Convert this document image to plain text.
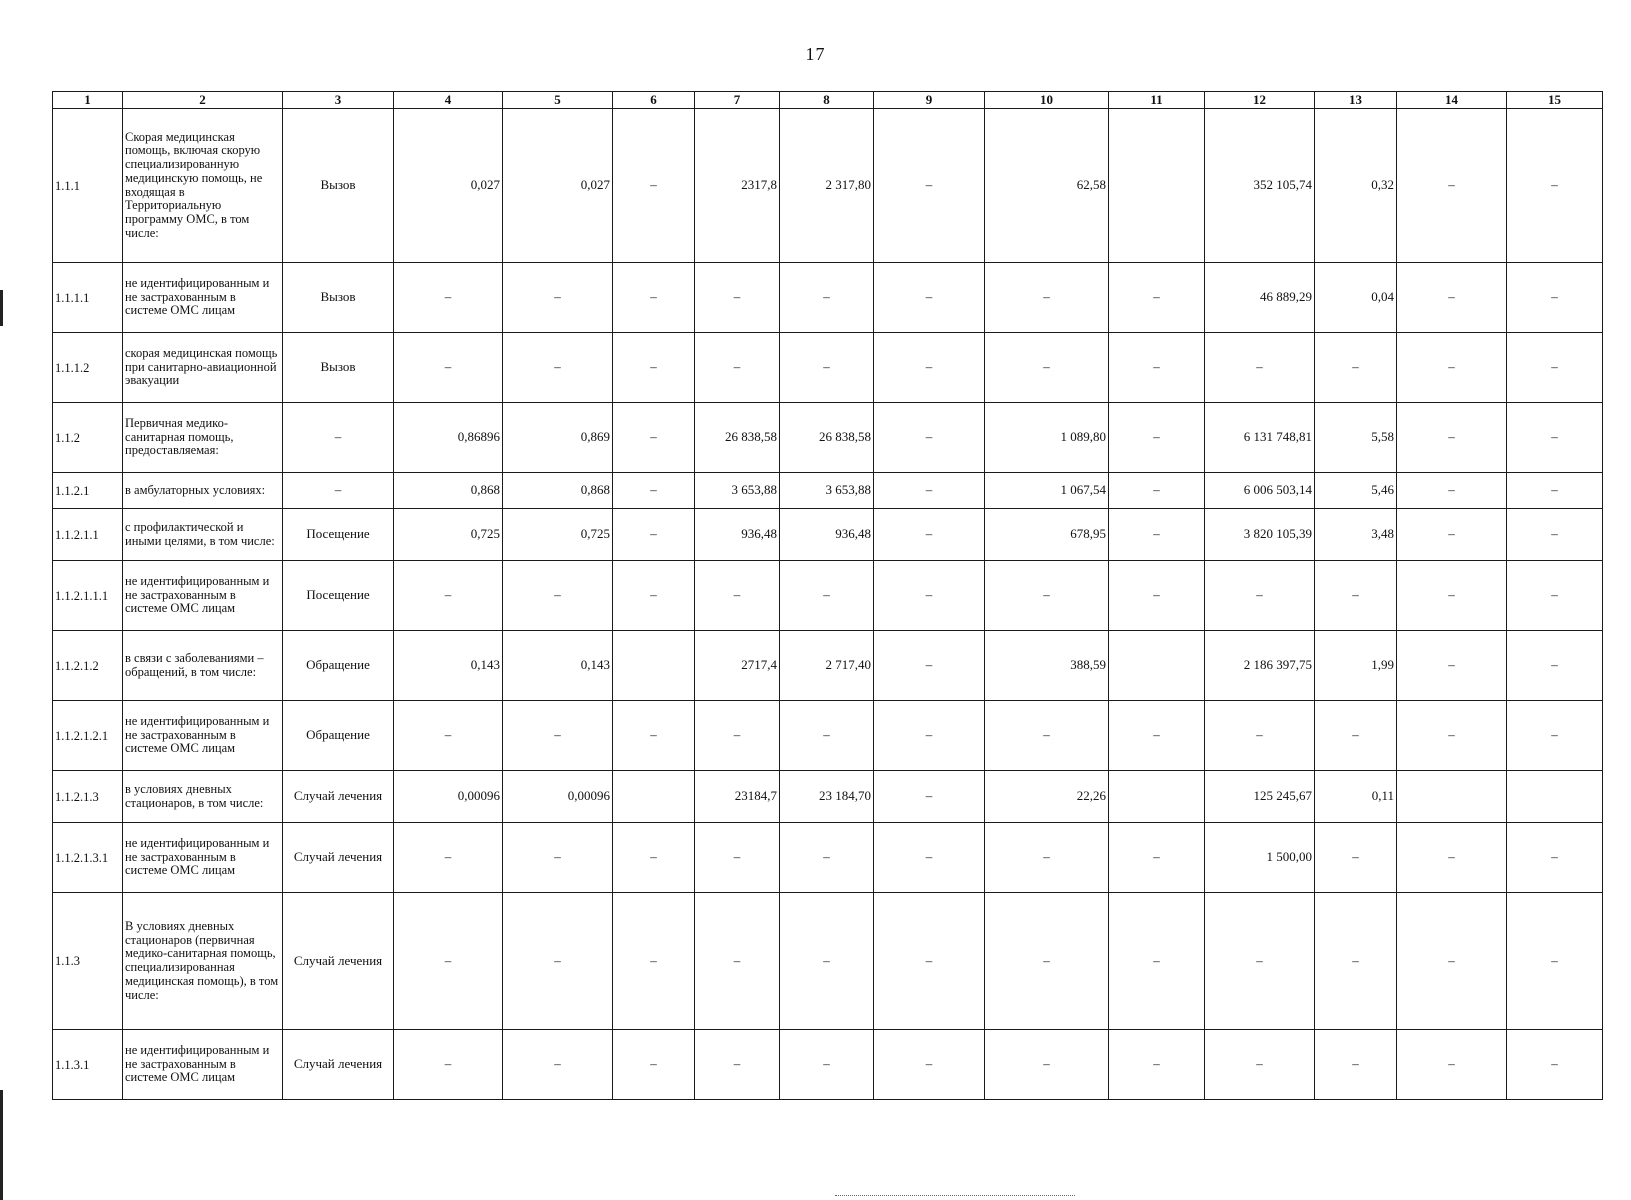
17
1	2	3	4	5	6	7	8	9	10	11	12	13	14	15
1.1.1	Скорая медицинская помощь, включая скорую специализированную медицинскую помощь, не входящая в Территориальную программу ОМС, в том числе:	Вызов	0,027	0,027	–	2317,8	2 317,80	–	62,58		352 105,74	0,32	–	–
1.1.1.1	не идентифицированным и не застрахованным в системе ОМС лицам	Вызов	–	–	–	–	–	–	–	–	46 889,29	0,04	–	–
1.1.1.2	скорая медицинская помощь при санитарно-авиационной эвакуации	Вызов	–	–	–	–	–	–	–	–	–	–	–	–
1.1.2	Первичная медико-санитарная помощь, предоставляемая:	–	0,86896	0,869	–	26 838,58	26 838,58	–	1 089,80	–	6 131 748,81	5,58	–	–
1.1.2.1	в амбулаторных условиях:	–	0,868	0,868	–	3 653,88	3 653,88	–	1 067,54	–	6 006 503,14	5,46	–	–
1.1.2.1.1	с профилактической и иными целями, в том числе:	Посещение	0,725	0,725	–	936,48	936,48	–	678,95	–	3 820 105,39	3,48	–	–
1.1.2.1.1.1	не идентифицированным и не застрахованным в системе ОМС лицам	Посещение	–	–	–	–	–	–	–	–	–	–	–	–
1.1.2.1.2	в связи с заболеваниями – обращений, в том числе:	Обращение	0,143	0,143		2717,4	2 717,40	–	388,59		2 186 397,75	1,99	–	–
1.1.2.1.2.1	не идентифицированным и не застрахованным в системе ОМС лицам	Обращение	–	–	–	–	–	–	–	–	–	–	–	–
1.1.2.1.3	в условиях дневных стационаров, в том числе:	Случай лечения	0,00096	0,00096		23184,7	23 184,70	–	22,26		125 245,67	0,11		
1.1.2.1.3.1	не идентифицированным и не застрахованным в системе ОМС лицам	Случай лечения	–	–	–	–	–	–	–	–	1 500,00	–	–	–
1.1.3	В условиях дневных стационаров (первичная медико-санитарная помощь, специализированная медицинская помощь), в том числе:	Случай лечения	–	–	–	–	–	–	–	–	–	–	–	–
1.1.3.1	не идентифицированным и не застрахованным в системе ОМС лицам	Случай лечения	–	–	–	–	–	–	–	–	–	–	–	–
